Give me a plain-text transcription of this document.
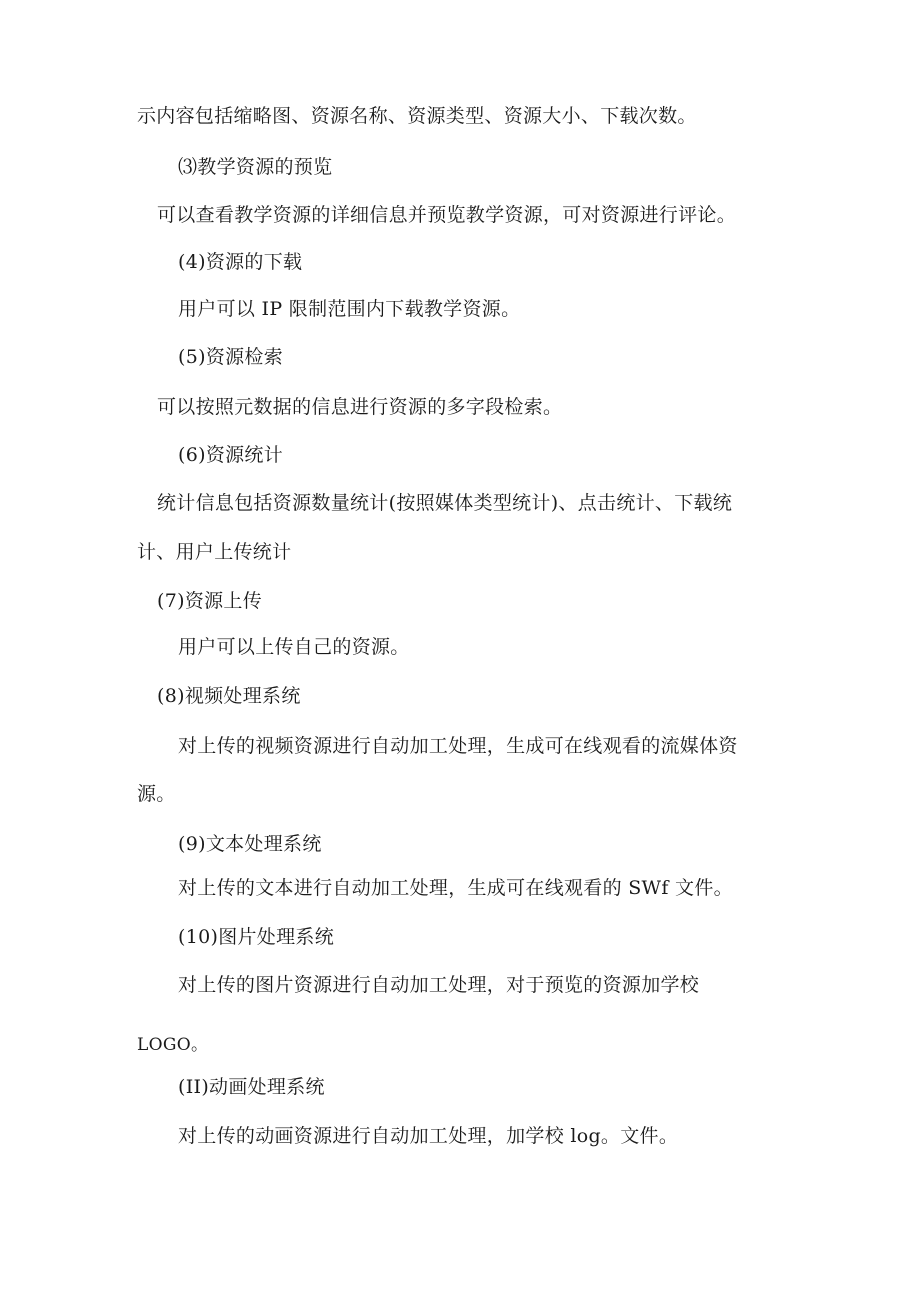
示内容包括缩略图、资源名称、资源类型、资源大小、下载次数。
⑶教学资源的预览
可以查看教学资源的详细信息并预览教学资源，可对资源进行评论。
(4)资源的下载
用户可以 IP 限制范围内下载教学资源。
(5)资源检索
可以按照元数据的信息进行资源的多字段检索。
(6)资源统计
统计信息包括资源数量统计(按照媒体类型统计)、点击统计、下载统
计、用户上传统计
(7)资源上传
用户可以上传自己的资源。
(8)视频处理系统
对上传的视频资源进行自动加工处理，生成可在线观看的流媒体资
源。
(9)文本处理系统
对上传的文本进行自动加工处理，生成可在线观看的 SWf 文件。
(10)图片处理系统
对上传的图片资源进行自动加工处理，对于预览的资源加学校
LOGO。
(II)动画处理系统
对上传的动画资源进行自动加工处理，加学校 log。文件。
